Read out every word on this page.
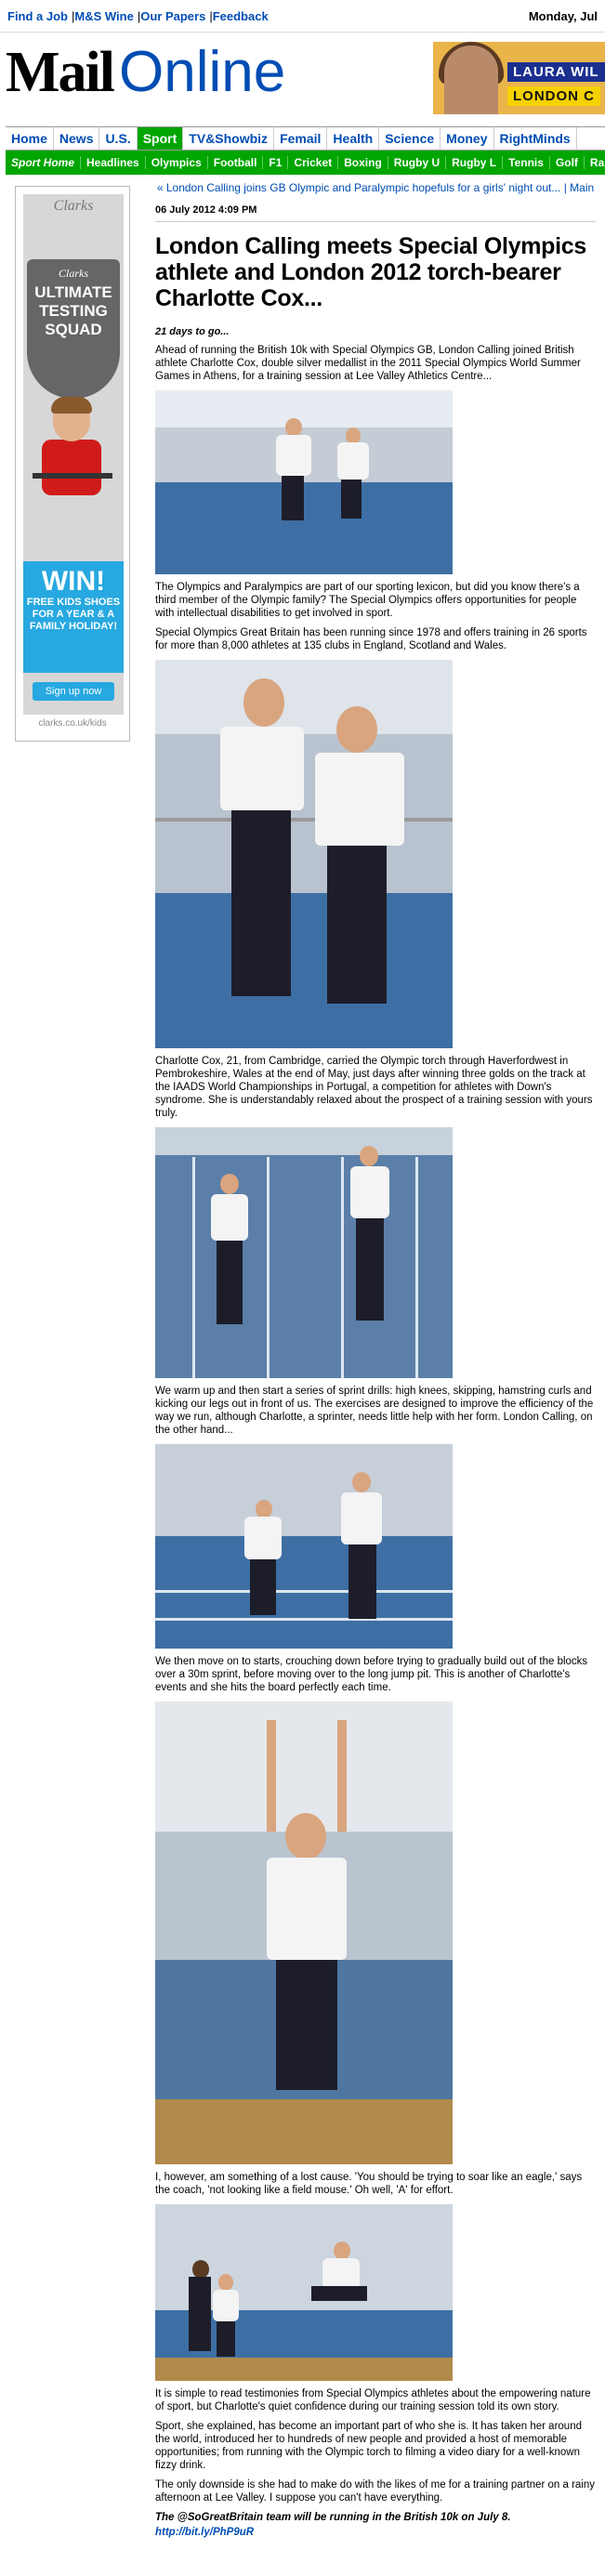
Find a Job |M&S Wine |Our Papers |Feedback	Monday, Jul
MailOnline	LAURA WIL
LONDON C
Home News U.S. Sport TV&Showbiz Femail Health Science Money RightMinds
Sport Home	Headlines	Olympics	Football	F1	Cricket	Boxing	Rugby U	Rugby L	Tennis	Golf	Ra
Clarks
Clarks
ULTIMATE TESTING SQUAD
WIN!
FREE KIDS SHOES FOR A YEAR & A FAMILY HOLIDAY!
Sign up now
clarks.co.uk/kids
« London Calling joins GB Olympic and Paralympic hopefuls for a girls' night out... | Main
06 July 2012 4:09 PM
London Calling meets Special Olympics athlete and London 2012 torch-bearer Charlotte Cox...
21 days to go...

Ahead of running the British 10k with Special Olympics GB, London Calling joined British athlete Charlotte Cox, double silver medallist in the 2011 Special Olympics World Summer Games in Athens, for a training session at Lee Valley Athletics Centre...

The Olympics and Paralympics are part of our sporting lexicon, but did you know there's a third member of the Olympic family? The Special Olympics offers opportunities for people with intellectual disabilities to get involved in sport.

Special Olympics Great Britain has been running since 1978 and offers training in 26 sports for more than 8,000 athletes at 135 clubs in England, Scotland and Wales.

Charlotte Cox, 21, from Cambridge, carried the Olympic torch through Haverfordwest in Pembrokeshire, Wales at the end of May, just days after winning three golds on the track at the IAADS World Championships in Portugal, a competition for athletes with Down's syndrome. She is understandably relaxed about the prospect of a training session with yours truly.

We warm up and then start a series of sprint drills: high knees, skipping, hamstring curls and kicking our legs out in front of us. The exercises are designed to improve the efficiency of the way we run, although Charlotte, a sprinter, needs little help with her form. London Calling, on the other hand...

We then move on to starts, crouching down before trying to gradually build out of the blocks over a 30m sprint, before moving over to the long jump pit. This is another of Charlotte's events and she hits the board perfectly each time.

I, however, am something of a lost cause. 'You should be trying to soar like an eagle,' says the coach, 'not looking like a field mouse.' Oh well, 'A' for effort.

It is simple to read testimonies from Special Olympics athletes about the empowering nature of sport, but Charlotte's quiet confidence during our training session told its own story.

Sport, she explained, has become an important part of who she is. It has taken her around the world, introduced her to hundreds of new people and provided a host of memorable opportunities; from running with the Olympic torch to filming a video diary for a well-known fizzy drink.

The only downside is she had to make do with the likes of me for a training partner on a rainy afternoon at Lee Valley. I suppose you can't have everything.

The @SoGreatBritain team will be running in the British 10k on July 8.

http://bit.ly/PhP9uR
